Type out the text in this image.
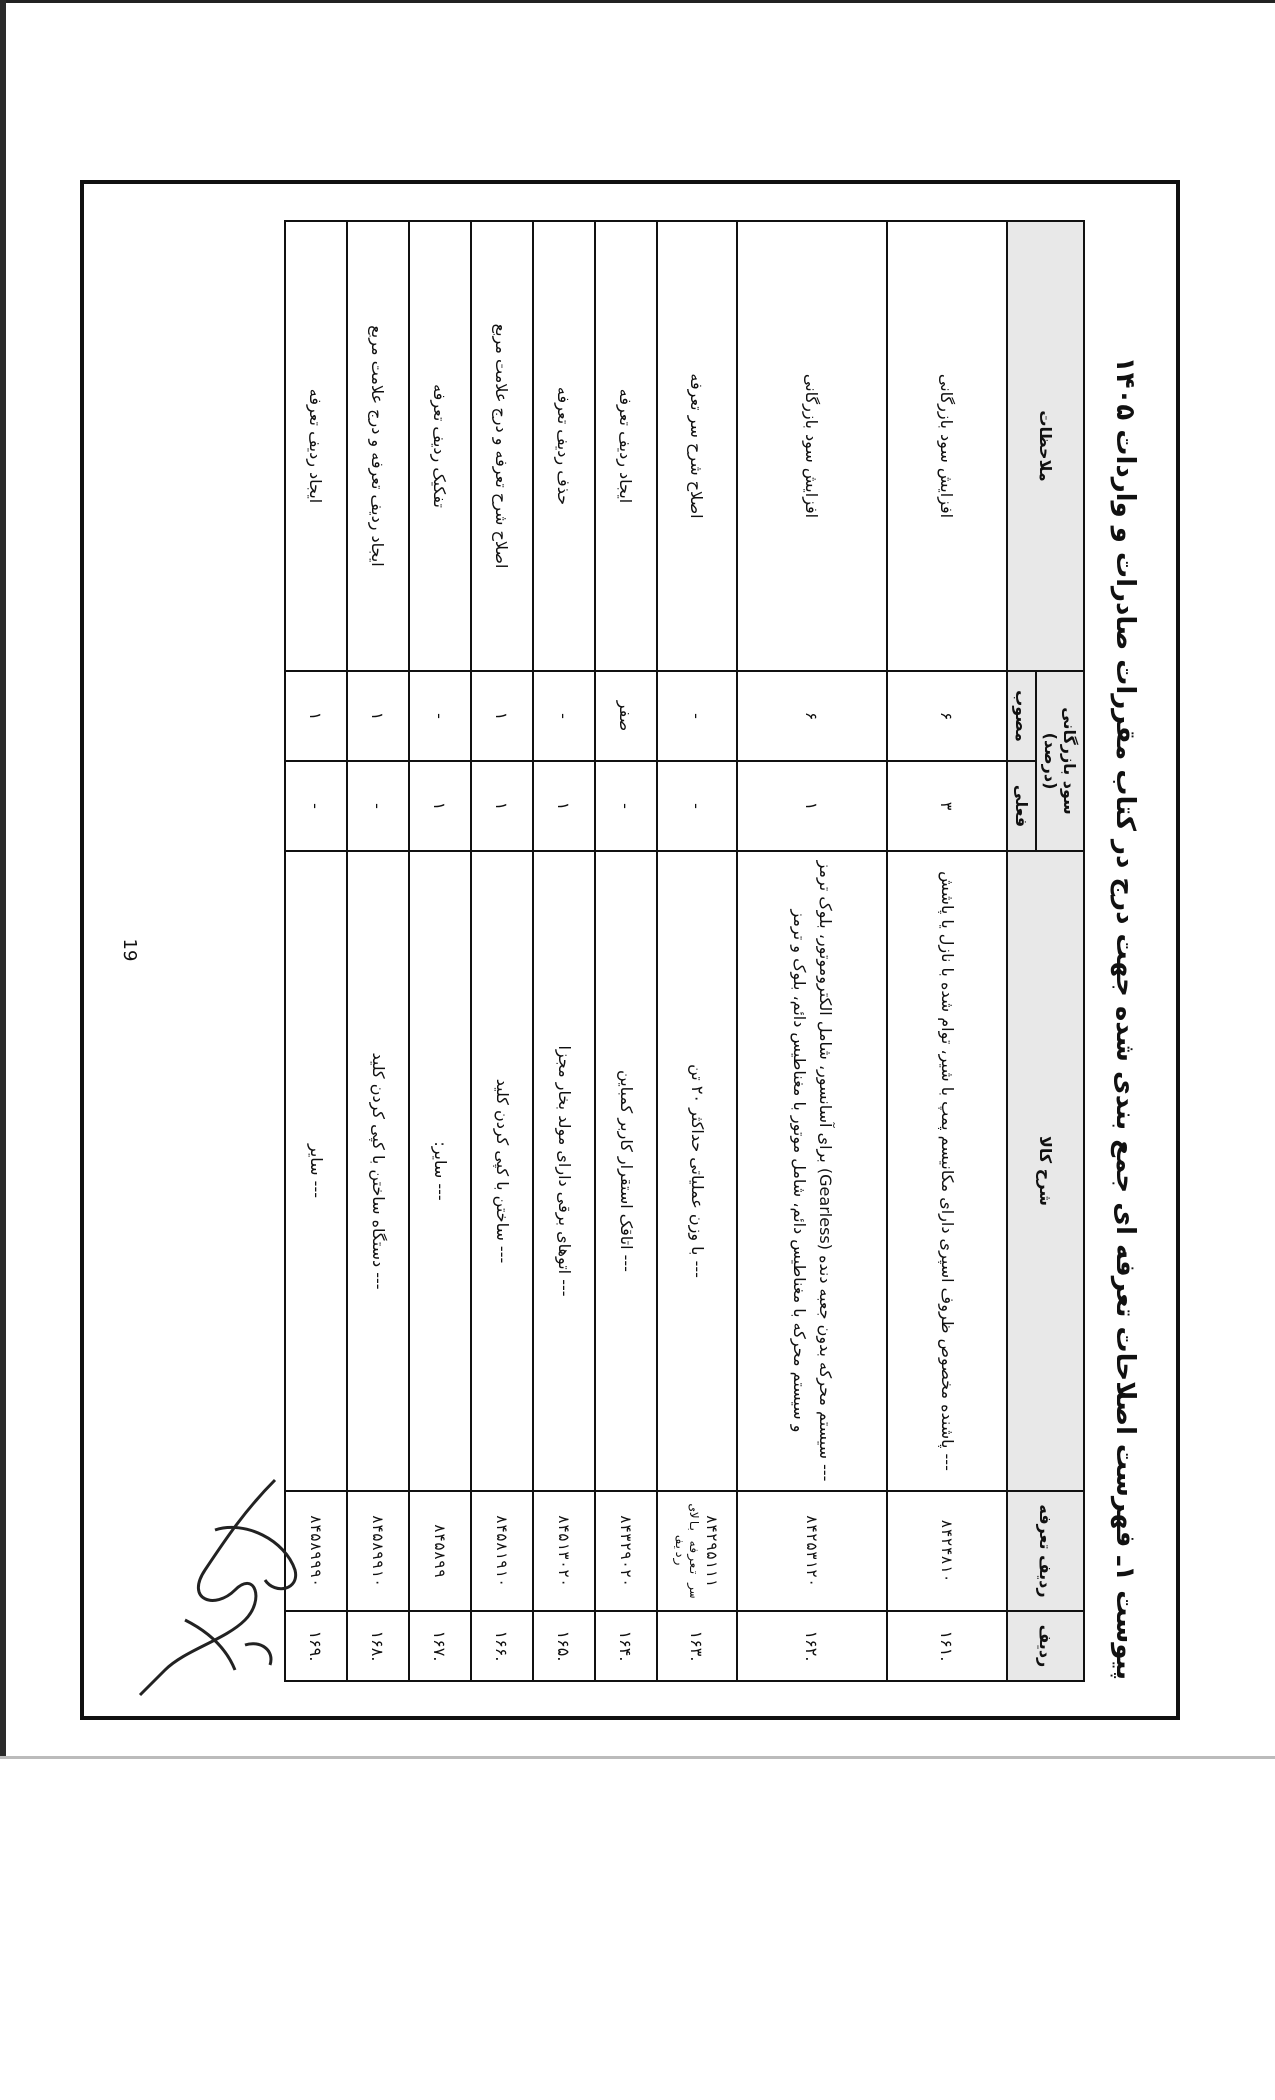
پیوست ۱ـ فهرست اصلاحات تعرفه ای جمع بندی شده جهت درج در کتاب مقررات صادرات و واردات ۱۴۰۵
ردیف	ردیف تعرفه	شرح کالا	سود بازرگانی (درصد)		ملاحظات
			فعلی	مصوب	
.۱۶۱	۸۴۲۴۸۱۰	--- پاشنده مخصوص ظروف اسپری دارای مکانیسم پمپ با شیر، توام شده با نازل یا پاشش	۳	۶	افزایش سود بازرگانی
.۱۶۲	۸۴۲۵۳۱۲۰	--- سیستم محرکه بدون جعبه دنده (Gearless) برای آسانسور، شامل الکتروموتور، بلوک ترمز و سیستم محرکه با مغناطیس دائم، شامل موتور با مغناطیس دائم، بلوک و ترمز	۱	۶	افزایش سود بازرگانی
.۱۶۳	۸۴۲۹۵۱۱۱
سر تعرفه بالای ردیف	--- با وزن عملیاتی حداکثر ۲۰ تن	-	-	اصلاح شرح سر تعرفه
.۱۶۴	۸۴۳۲۹۰۲۰	--- اتاقک استقرار کاربر کمباین	-	صفر	ایجاد ردیف تعرفه
.۱۶۵	۸۴۵۱۳۰۲۰	--- اتوهای برقی دارای مولد بخار مجزا	۱	-	حذف ردیف تعرفه
.۱۶۶	۸۴۵۸۱۹۱۰	--- ساختن با کپی کردن کلید	۱	۱	اصلاح شرح تعرفه و درج علامت مربع
.۱۶۷	۸۴۵۸۹۹	--- سایر:	۱	-	تفکیک ردیف تعرفه
.۱۶۸	۸۴۵۸۹۹۱۰	--- دستگاه ساختن با کپی کردن کلید	-	۱	ایجاد ردیف تعرفه و درج علامت مربع
.۱۶۹	۸۴۵۸۹۹۹۰	--- سایر	-	۱	ایجاد ردیف تعرفه
19
